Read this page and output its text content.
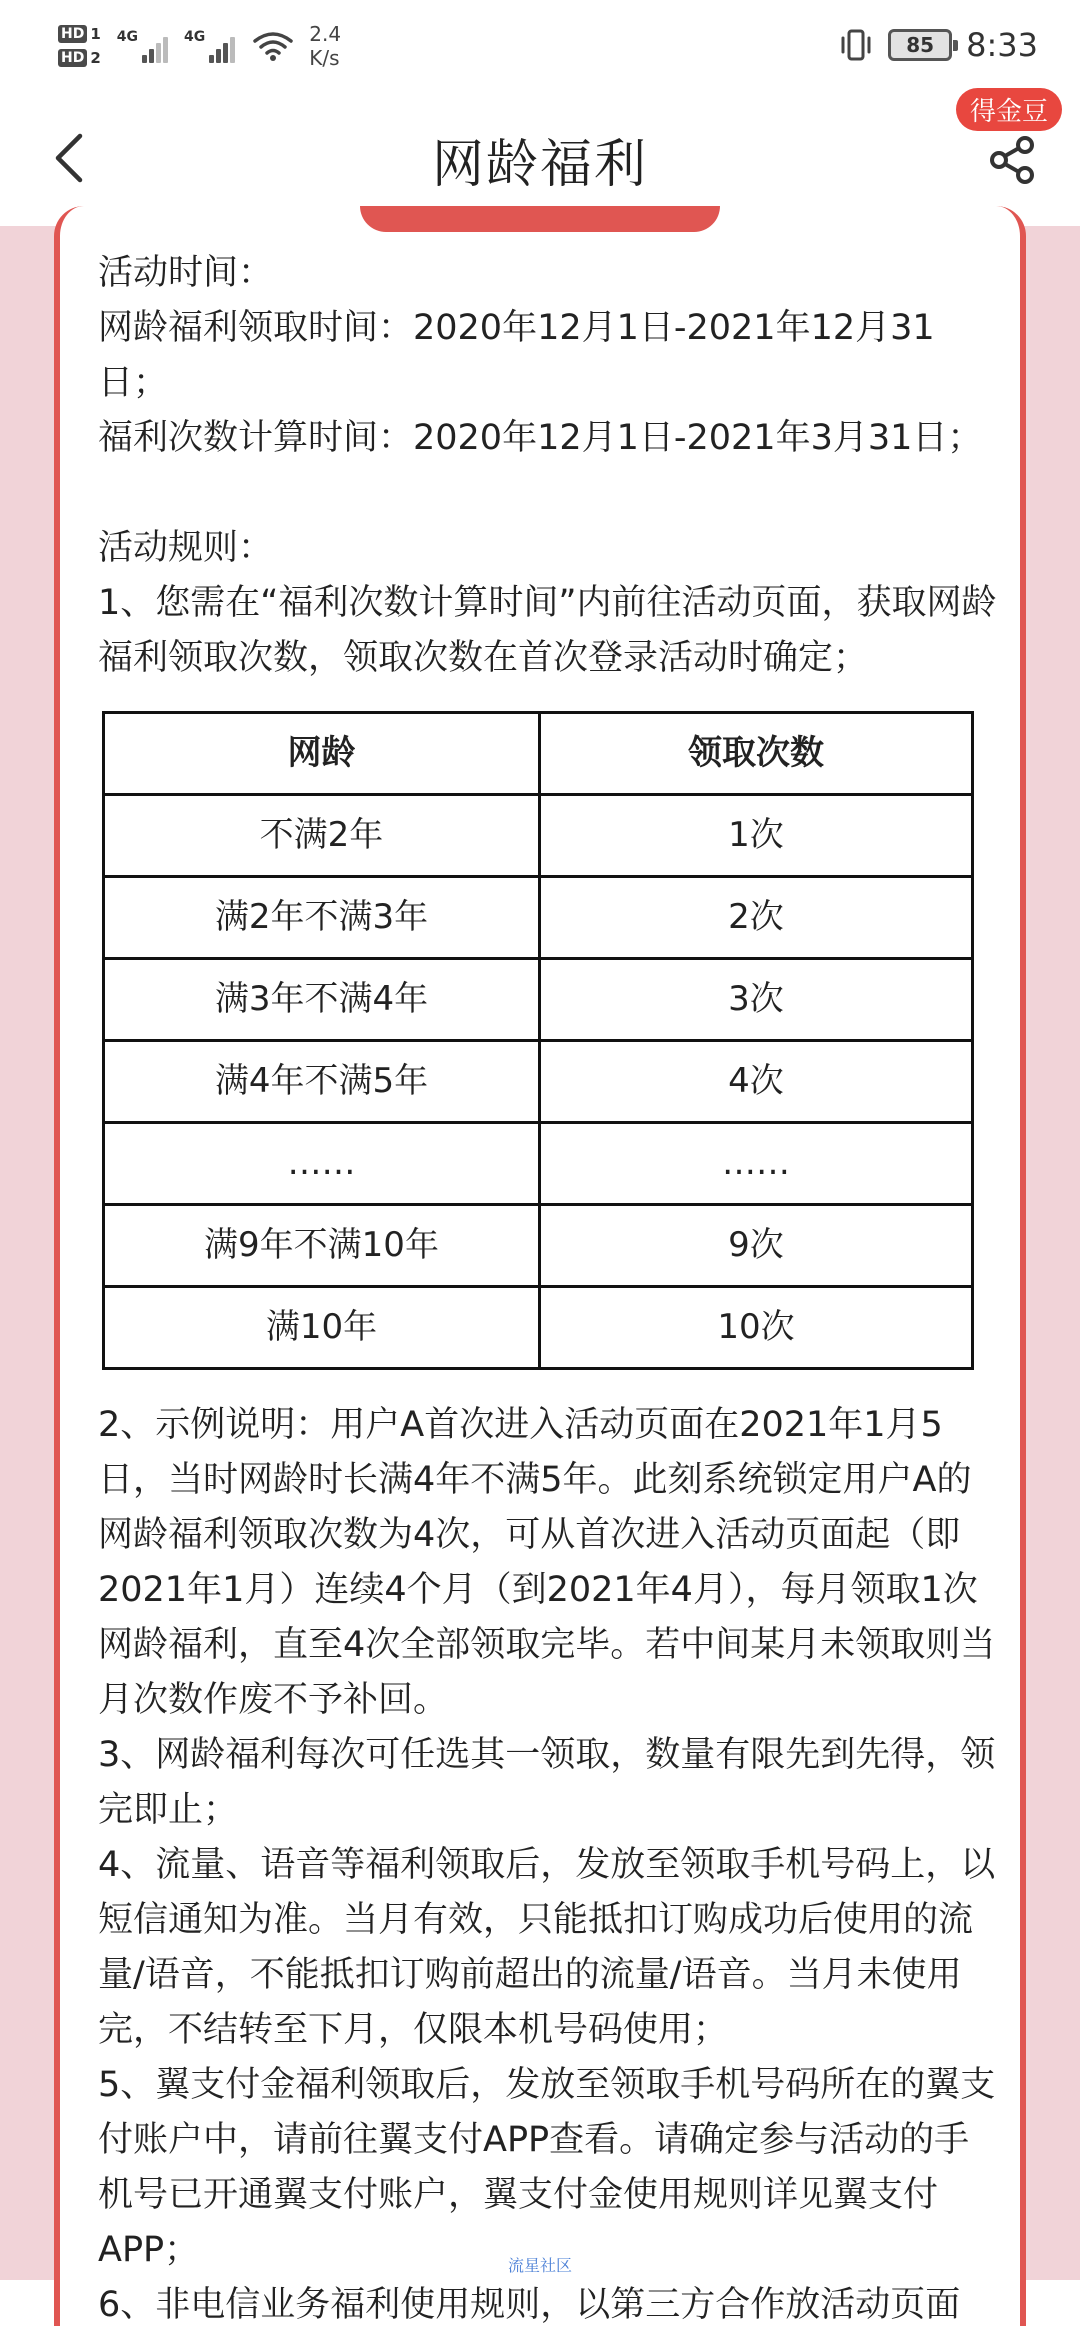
HD 1
HD 2
4G	4G	2.4
K/s
85	8:33
网龄福利
得金豆

活动时间：

网龄福利领取时间：2020年12月1日-2021年12月31日；

福利次数计算时间：2020年12月1日-2021年3月31日；

活动规则：

1、您需在“福利次数计算时间”内前往活动页面，获取网龄福利领取次数，领取次数在首次登录活动时确定；

网龄	领取次数
不满2年	1次
满2年不满3年	2次
满3年不满4年	3次
满4年不满5年	4次
……	……
满9年不满10年	9次
满10年	10次

2、示例说明：用户A首次进入活动页面在2021年1月5日，当时网龄时长满4年不满5年。此刻系统锁定用户A的网龄福利领取次数为4次，可从首次进入活动页面起（即2021年1月）连续4个月（到2021年4月），每月领取1次网龄福利，直至4次全部领取完毕。若中间某月未领取则当月次数作废不予补回。

3、网龄福利每次可任选其一领取，数量有限先到先得，领完即止；

4、流量、语音等福利领取后，发放至领取手机号码上，以短信通知为准。当月有效，只能抵扣订购成功后使用的流量/语音，不能抵扣订购前超出的流量/语音。当月未使用完，不结转至下月，仅限本机号码使用；

5、翼支付金福利领取后，发放至领取手机号码所在的翼支付账户中，请前往翼支付APP查看。请确定参与活动的手机号已开通翼支付账户，翼支付金使用规则详见翼支付APP；

6、非电信业务福利使用规则，以第三方合作放活动页面

流星社区
